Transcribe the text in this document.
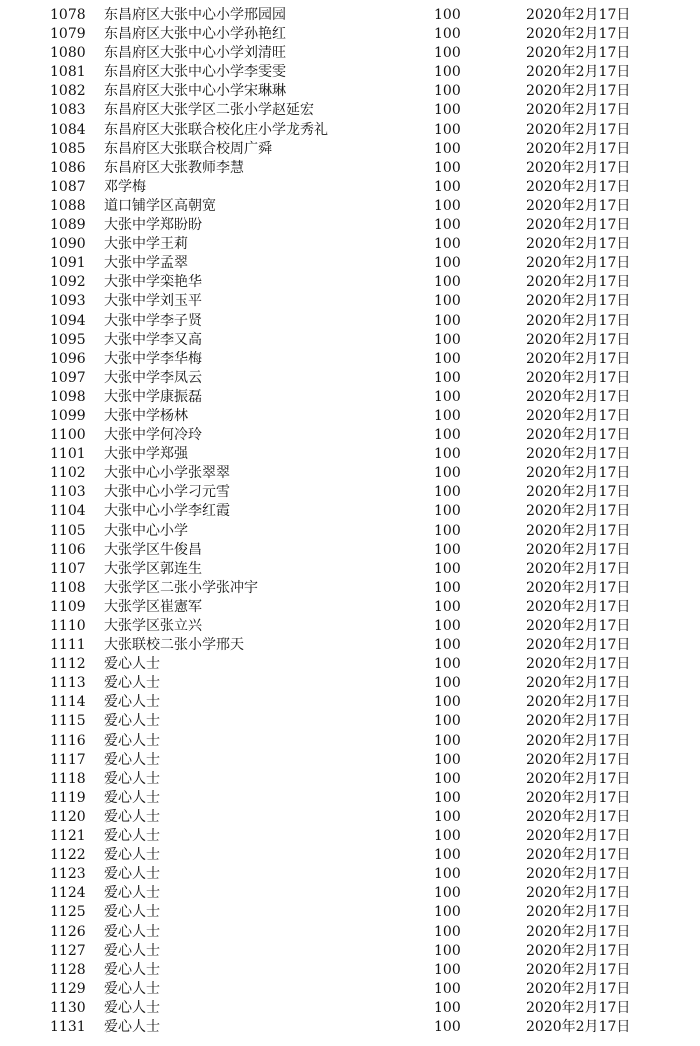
1078 东昌府区大张中心小学邢园园	100	2020年2月17日
1079 东昌府区大张中心小学孙艳红	100	2020年2月17日
1080 东昌府区大张中心小学刘清旺	100	2020年2月17日
1081 东昌府区大张中心小学李雯雯	100	2020年2月17日
1082 东昌府区大张中心小学宋琳琳	100	2020年2月17日
1083 东昌府区大张学区二张小学赵延宏	100	2020年2月17日
1084 东昌府区大张联合校化庄小学龙秀礼	100	2020年2月17日
1085 东昌府区大张联合校周广舜	100	2020年2月17日
1086 东昌府区大张教师李慧	100	2020年2月17日
1087 邓学梅	100	2020年2月17日
1088 道口铺学区高朝宽	100	2020年2月17日
1089 大张中学郑盼盼	100	2020年2月17日
1090 大张中学王莉	100	2020年2月17日
1091 大张中学孟翠	100	2020年2月17日
1092 大张中学栾艳华	100	2020年2月17日
1093 大张中学刘玉平	100	2020年2月17日
1094 大张中学李子贤	100	2020年2月17日
1095 大张中学李又高	100	2020年2月17日
1096 大张中学李华梅	100	2020年2月17日
1097 大张中学李凤云	100	2020年2月17日
1098 大张中学康振磊	100	2020年2月17日
1099 大张中学杨林	100	2020年2月17日
1100 大张中学何冷玲	100	2020年2月17日
1101 大张中学郑强	100	2020年2月17日
1102 大张中心小学张翠翠	100	2020年2月17日
1103 大张中心小学刁元雪	100	2020年2月17日
1104 大张中心小学李红霞	100	2020年2月17日
1105 大张中心小学	100	2020年2月17日
1106 大张学区牛俊昌	100	2020年2月17日
1107 大张学区郭连生	100	2020年2月17日
1108 大张学区二张小学张冲宇	100	2020年2月17日
1109 大张学区崔憲军	100	2020年2月17日
1110 大张学区张立兴	100	2020年2月17日
1111 大张联校二张小学邢天	100	2020年2月17日
1112 爱心人士	100	2020年2月17日
1113 爱心人士	100	2020年2月17日
1114 爱心人士	100	2020年2月17日
1115 爱心人士	100	2020年2月17日
1116 爱心人士	100	2020年2月17日
1117 爱心人士	100	2020年2月17日
1118 爱心人士	100	2020年2月17日
1119 爱心人士	100	2020年2月17日
1120 爱心人士	100	2020年2月17日
1121 爱心人士	100	2020年2月17日
1122 爱心人士	100	2020年2月17日
1123 爱心人士	100	2020年2月17日
1124 爱心人士	100	2020年2月17日
1125 爱心人士	100	2020年2月17日
1126 爱心人士	100	2020年2月17日
1127 爱心人士	100	2020年2月17日
1128 爱心人士	100	2020年2月17日
1129 爱心人士	100	2020年2月17日
1130 爱心人士	100	2020年2月17日
1131 爱心人士	100	2020年2月17日
